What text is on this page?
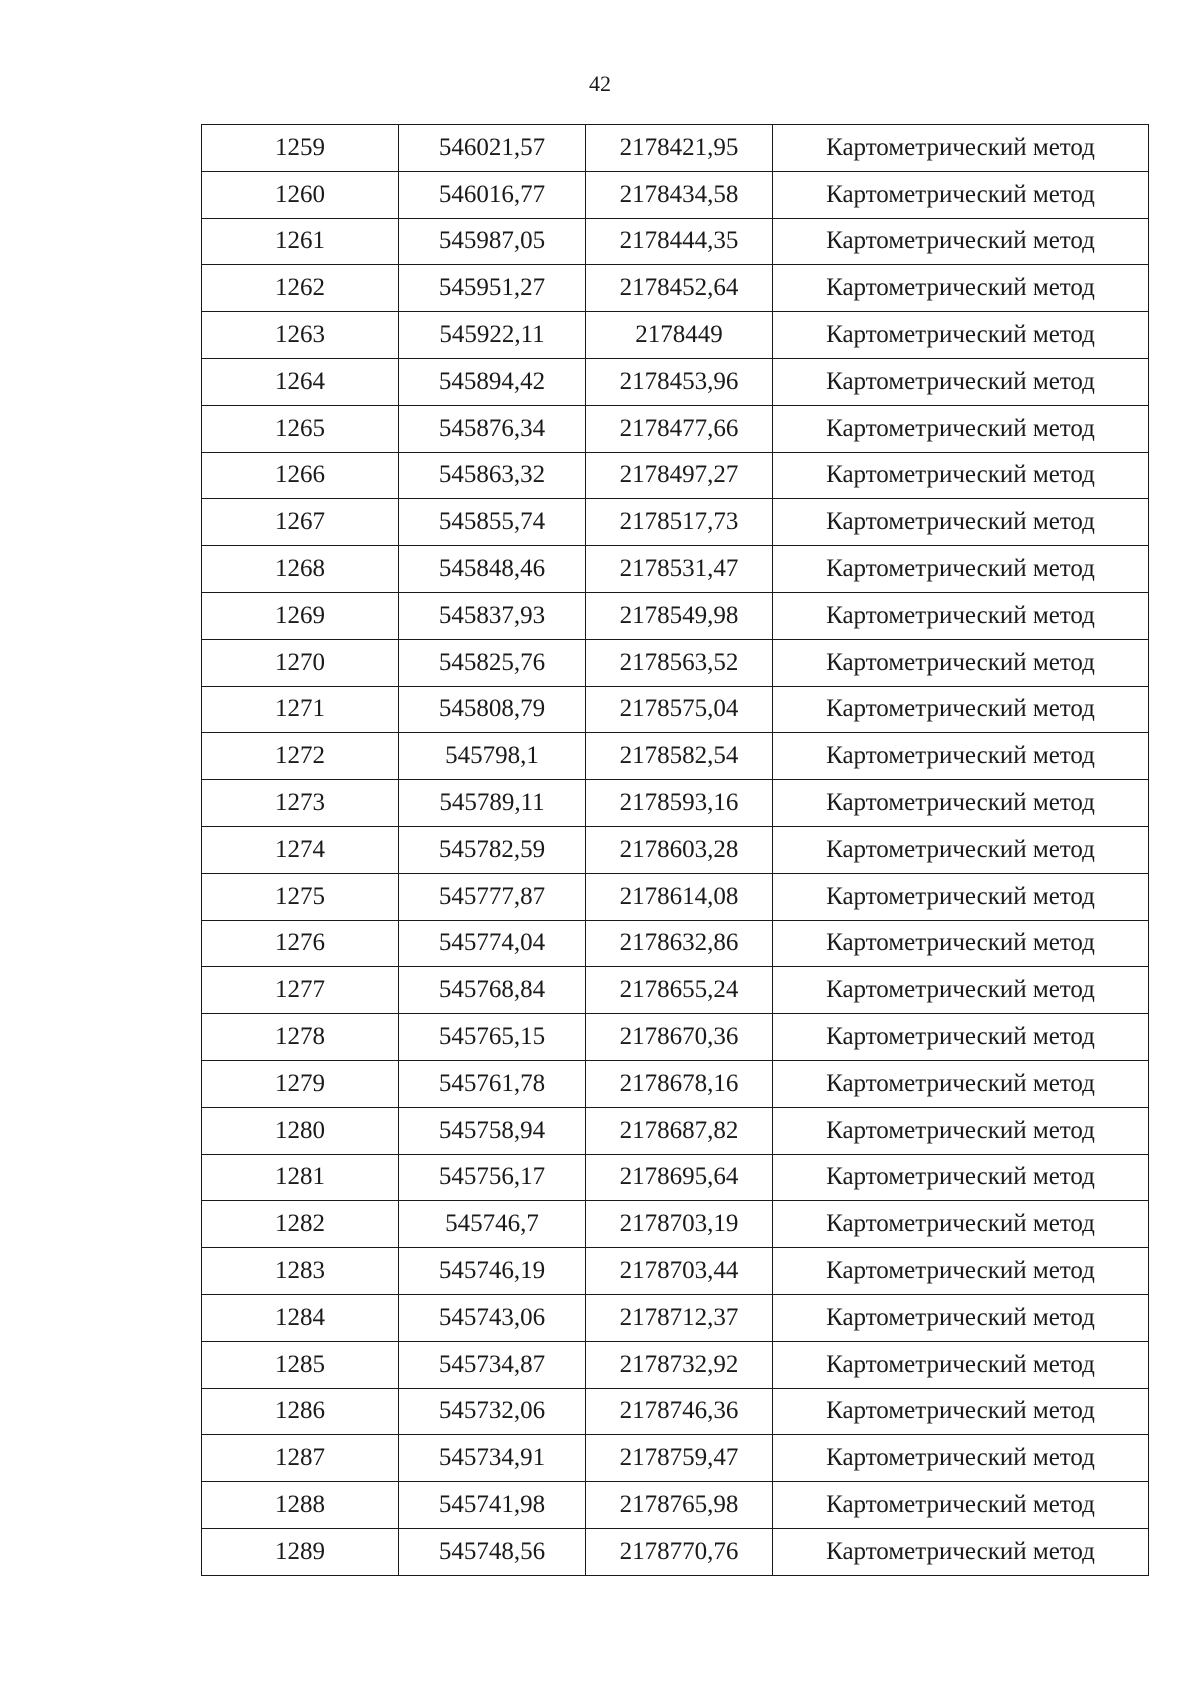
42
1259	546021,57	2178421,95	Картометрический метод
1260	546016,77	2178434,58	Картометрический метод
1261	545987,05	2178444,35	Картометрический метод
1262	545951,27	2178452,64	Картометрический метод
1263	545922,11	2178449	Картометрический метод
1264	545894,42	2178453,96	Картометрический метод
1265	545876,34	2178477,66	Картометрический метод
1266	545863,32	2178497,27	Картометрический метод
1267	545855,74	2178517,73	Картометрический метод
1268	545848,46	2178531,47	Картометрический метод
1269	545837,93	2178549,98	Картометрический метод
1270	545825,76	2178563,52	Картометрический метод
1271	545808,79	2178575,04	Картометрический метод
1272	545798,1	2178582,54	Картометрический метод
1273	545789,11	2178593,16	Картометрический метод
1274	545782,59	2178603,28	Картометрический метод
1275	545777,87	2178614,08	Картометрический метод
1276	545774,04	2178632,86	Картометрический метод
1277	545768,84	2178655,24	Картометрический метод
1278	545765,15	2178670,36	Картометрический метод
1279	545761,78	2178678,16	Картометрический метод
1280	545758,94	2178687,82	Картометрический метод
1281	545756,17	2178695,64	Картометрический метод
1282	545746,7	2178703,19	Картометрический метод
1283	545746,19	2178703,44	Картометрический метод
1284	545743,06	2178712,37	Картометрический метод
1285	545734,87	2178732,92	Картометрический метод
1286	545732,06	2178746,36	Картометрический метод
1287	545734,91	2178759,47	Картометрический метод
1288	545741,98	2178765,98	Картометрический метод
1289	545748,56	2178770,76	Картометрический метод
